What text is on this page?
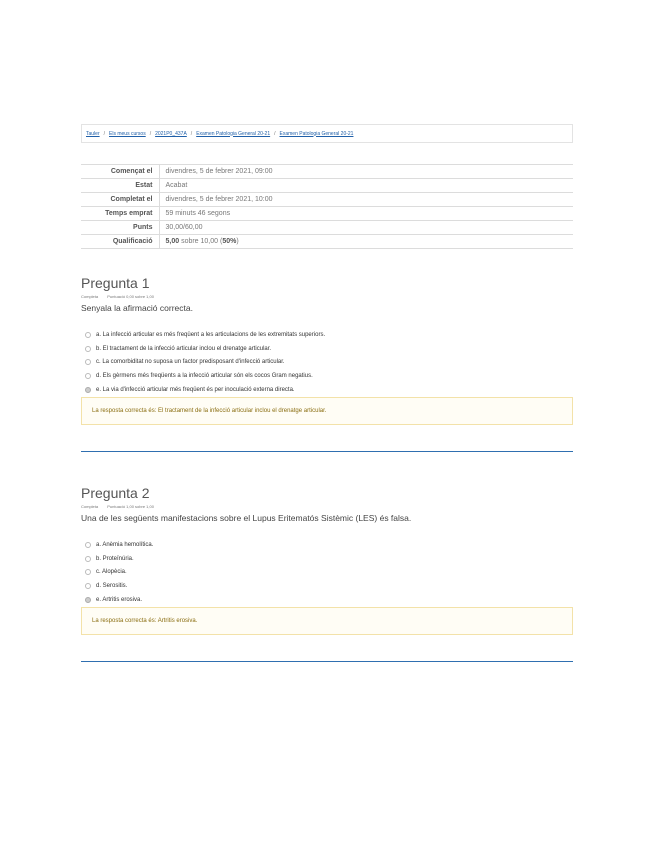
Tauler / Els meus cursos / 2021P0_437A / Examen Patologia General 20-21 / Examen Patologia General 20-21
Començat el	divendres, 5 de febrer 2021, 09:00
Estat	Acabat
Completat el	divendres, 5 de febrer 2021, 10:00
Temps emprat	59 minuts 46 segons
Punts	30,00/60,00
Qualificació	5,00 sobre 10,00 (50%)
Pregunta 1
Completa Puntuació 0,00 sobre 1,00
Senyala la afirmació correcta.
a. La infecció articular es més freqüent a les articulacions de les extremitats superiors.
b. El tractament de la infecció articular inclou el drenatge articular.
c. La comorbiditat no suposa un factor predisposant d'infecció articular.
d. Els gèrmens més freqüents a la infecció articular són els cocos Gram negatius.
e. La via d'infecció articular més freqüent és per inoculació externa directa.
La resposta correcta és: El tractament de la infecció articular inclou el drenatge articular.
Pregunta 2
Completa Puntuació 1,00 sobre 1,00
Una de les següents manifestacions sobre el Lupus Eritematós Sistèmic (LES) és falsa.
a. Anèmia hemolítica.
b. Proteïnúria.
c. Alopècia.
d. Serositis.
e. Artritis erosiva.
La resposta correcta és: Artritis erosiva.
